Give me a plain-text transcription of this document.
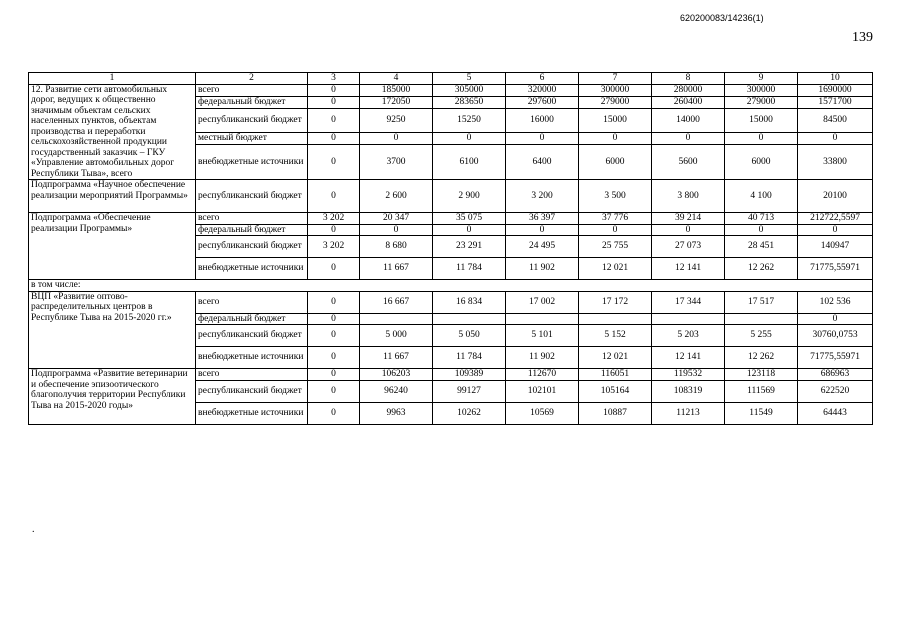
620200083/14236(1)
139
1	2	3	4	5	6	7	8	9	10
12. Развитие сети автомобильных дорог, ведущих к общественно значимым объектам сельских населенных пунктов, объектам производства и переработки сельскохозяйственной продукции государственный заказчик – ГКУ «Управление автомобильных дорог Республики Тыва», всего	всего	0	185000	305000	320000	300000	280000	300000	1690000
	федеральный бюджет	0	172050	283650	297600	279000	260400	279000	1571700
	республиканский бюджет	0	9250	15250	16000	15000	14000	15000	84500
	местный бюджет	0	0	0	0	0	0	0	0
	внебюджетные источники	0	3700	6100	6400	6000	5600	6000	33800
Подпрограмма «Научное обеспечение реализации мероприятий Программы»	республиканский бюджет	0	2 600	2 900	3 200	3 500	3 800	4 100	20100
Подпрограмма «Обеспечение реализации Программы»	всего	3 202	20 347	35 075	36 397	37 776	39 214	40 713	212722,5597
	федеральный бюджет	0	0	0	0	0	0	0	0
	республиканский бюджет	3 202	8 680	23 291	24 495	25 755	27 073	28 451	140947
	внебюджетные источники	0	11 667	11 784	11 902	12 021	12 141	12 262	71775,55971
в том числе:									
ВЦП «Развитие оптово-распределительных центров в Республике Тыва на 2015-2020 гг.»	всего	0	16 667	16 834	17 002	17 172	17 344	17 517	102 536
	федеральный бюджет	0							0
	республиканский бюджет	0	5 000	5 050	5 101	5 152	5 203	5 255	30760,0753
	внебюджетные источники	0	11 667	11 784	11 902	12 021	12 141	12 262	71775,55971
Подпрограмма «Развитие ветеринарии и обеспечение эпизоотического благополучия территории Республики Тыва на 2015-2020 годы»	всего	0	106203	109389	112670	116051	119532	123118	686963
	республиканский бюджет	0	96240	99127	102101	105164	108319	111569	622520
	внебюджетные источники	0	9963	10262	10569	10887	11213	11549	64443
.
